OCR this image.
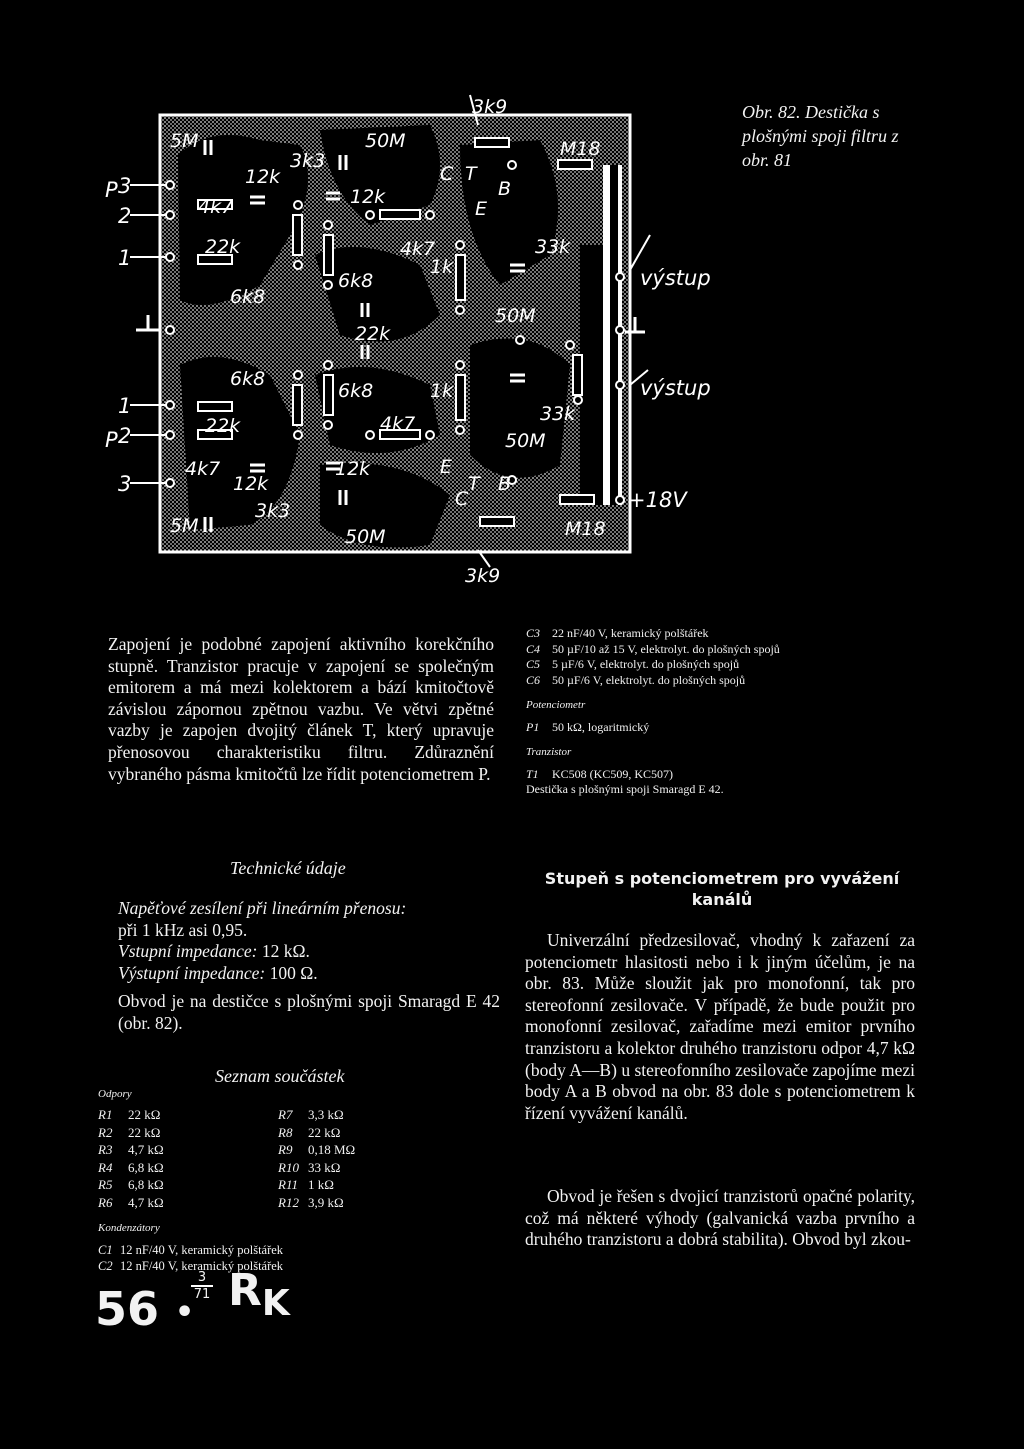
3k9
3k9
5M
5M
50M
50M
3k3
3k3
12k
12k
12k
12k
4k7
4k7
4k7
4k7
22k
22k
22k
6k8
6k8
6k8
6k8
1k
1k
33k
33k
50M
50M
M18
M18
C T
B
E
E
T B
C
P
P
3
2
1
1
2
3
výstup
výstup
+18V
Obr. 82. Destička s plošnými spoji filtru z obr. 81
Zapojení je podobné zapojení aktivního korekčního stupně. Tranzistor pracuje v zapojení se společným emitorem a má mezi kolektorem a bází kmitočtově závislou zápornou zpětnou vazbu. Ve větvi zpětné vazby je zapojen dvojitý článek T, který upravuje přenosovou charakteristiku filtru. Zdůraznění vybraného pásma kmitočtů lze řídit potenciometrem P.
C3 22 nF/40 V, keramický polštářek
C4 50 µF/10 až 15 V, elektrolyt. do plošných spojů
C5 5 µF/6 V, elektrolyt. do plošných spojů
C6 50 µF/6 V, elektrolyt. do plošných spojů
Potenciometr
P1	50 kΩ, logaritmický
Tranzistor
T1	KC508 (KC509, KC507)
Destička s plošnými spoji Smaragd E 42.
Technické údaje
Napěťové zesílení při lineárním přenosu:
při 1 kHz asi 0,95.
Vstupní impedance: 12 kΩ.
Výstupní impedance: 100 Ω.
Obvod je na destičce s plošnými spoji Smaragd E 42 (obr. 82).
Seznam součástek
Odpory
R1	22 kΩ	R7	3,3 kΩ
R2	22 kΩ	R8	22 kΩ
R3	4,7 kΩ	R9	0,18 MΩ
R4	6,8 kΩ	R10 33 kΩ
R5	6,8 kΩ	R11 1 kΩ
R6	4,7 kΩ	R12 3,9 kΩ
Kondenzátory
C1 12 nF/40 V, keramický polštářek
C2 12 nF/40 V, keramický polštářek
Stupeň s potenciometrem pro vyvážení kanálů
Univerzální předzesilovač, vhodný k zařazení za potenciometr hlasitosti nebo i k jiným účelům, je na obr. 83. Může sloužit jak pro monofonní, tak pro stereofonní zesilovače. V případě, že bude použit pro monofonní zesilovač, zařadíme mezi emitor prvního tranzistoru a kolektor druhého tranzistoru odpor 4,7 kΩ (body A—B) u stereofonního zesilovače zapojíme mezi body A a B obvod na obr. 83 dole s potenciometrem k řízení vyvážení kanálů.
Obvod je řešen s dvojicí tranzistorů opačné polarity, což má některé výhody (galvanická vazba prvního a druhého tranzistoru a dobrá stabilita). Obvod byl zkou-
56 •
3
71 $R_K$
